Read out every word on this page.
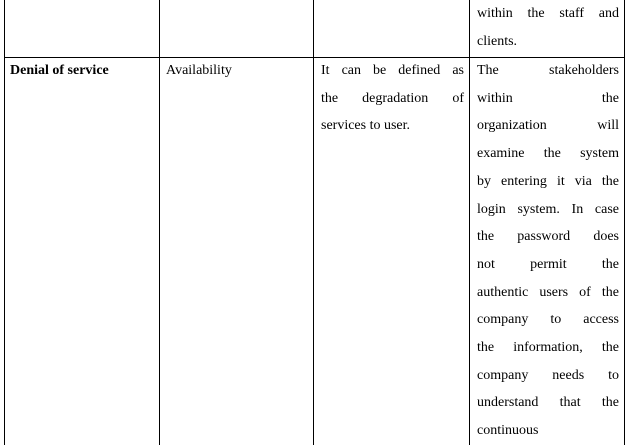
within the staff and

clients.

Denial of service	Availability	It can be defined as

the degradation of

services to user.

The stakeholders

within the

organization will

examine the system

by entering it via the

login system. In case

the password does

not permit the

authentic users of the

company to access

the information, the

company needs to

understand that the

continuous
